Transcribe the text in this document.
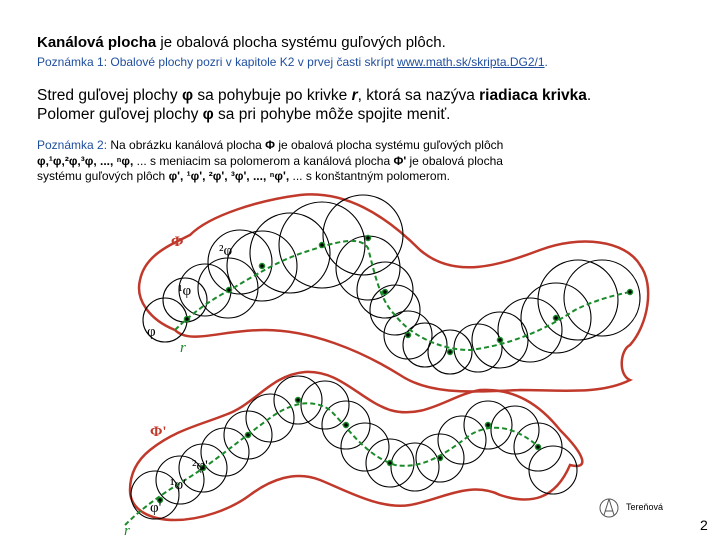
Kanálová plocha je obalová plocha systému guľových plôch.
Poznámka 1: Obalové plochy pozri v kapitole K2 v prvej časti skrípt www.math.sk/skripta.DG2/1.
Stred guľovej plochy φ sa pohybuje po krivke r, ktorá sa nazýva riadiaca krivka.
Polomer guľovej plochy φ sa pri pohybe môže spojite meniť.
Poznámka 2: Na obrázku kanálová plocha Φ je obalová plocha systému guľových plôch
φ,¹φ,²φ,³φ, ..., ⁿφ, ... s meniacim sa polomerom a kanálová plocha Φ' je obalová plocha
systému guľových plôch φ', ¹φ', ²φ', ³φ', ..., ⁿφ', ... s konštantným polomerom.
Φ
²φ
¹φ
φ
r
Φ'
²φ'
¹φ'
φ'
r
Tereňová
2
